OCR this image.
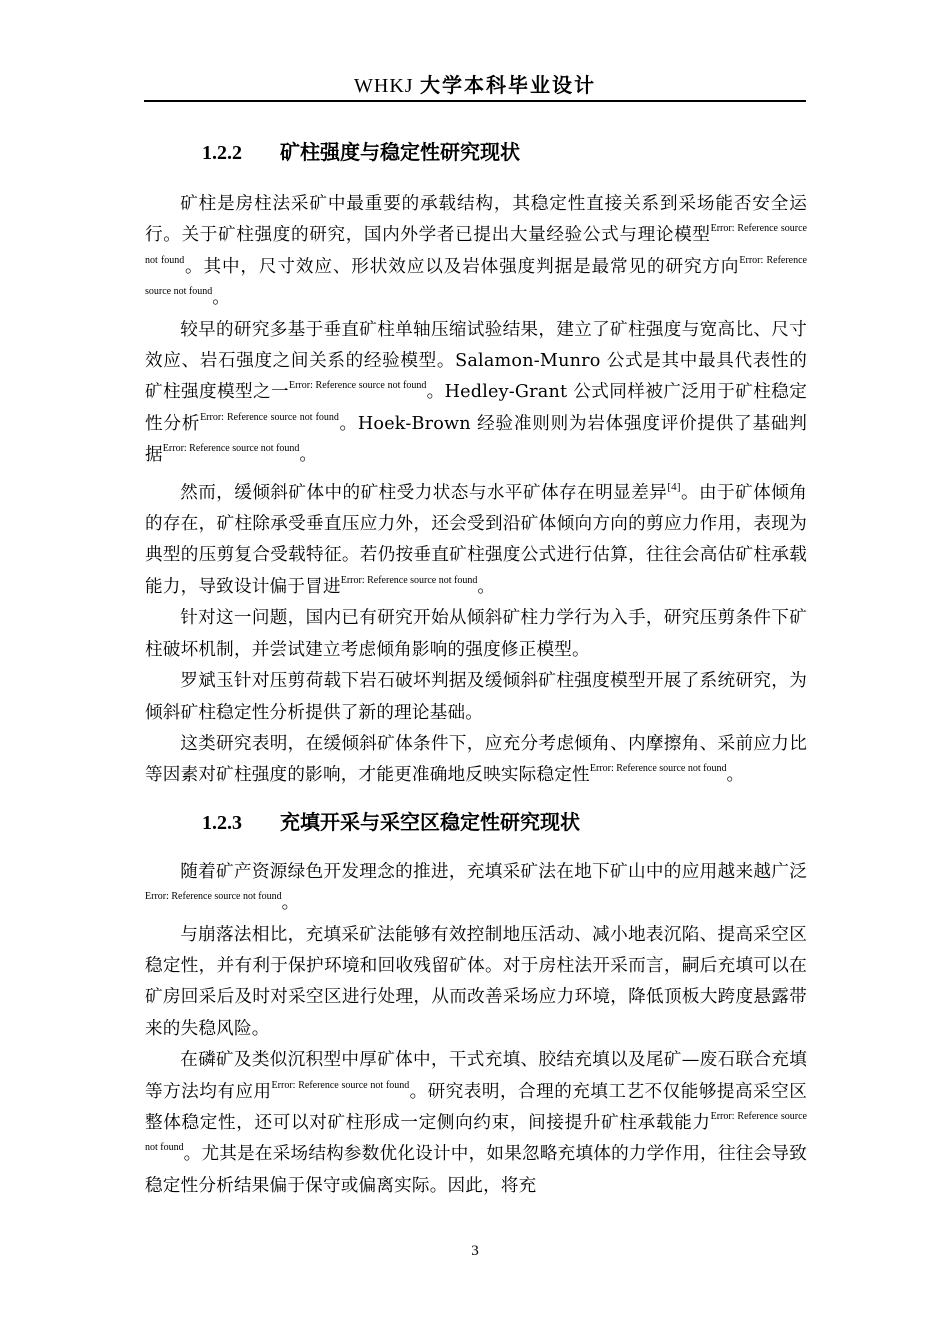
WHKJ 大学本科毕业设计
1.2.2 矿柱强度与稳定性研究现状

矿柱是房柱法采矿中最重要的承载结构，其稳定性直接关系到采场能否安全运行。关于矿柱强度的研究，国内外学者已提出大量经验公式与理论模型$^{Error: Reference source not found}$。其中，尺寸效应、形状效应以及岩体强度判据是最常见的研究方向$^{Error: Reference source not found}$。

较早的研究多基于垂直矿柱单轴压缩试验结果，建立了矿柱强度与宽高比、尺寸效应、岩石强度之间关系的经验模型。Salamon-Munro 公式是其中最具代表性的矿柱强度模型之一$^{Error: Reference source not found}$。Hedley-Grant 公式同样被广泛用于矿柱稳定性分析$^{Error: Reference source not found}$。Hoek-Brown 经验准则则为岩体强度评价提供了基础判据$^{Error: Reference source not found}$。

然而，缓倾斜矿体中的矿柱受力状态与水平矿体存在明显差异[4]。由于矿体倾角的存在，矿柱除承受垂直压应力外，还会受到沿矿体倾向方向的剪应力作用，表现为典型的压剪复合受载特征。若仍按垂直矿柱强度公式进行估算，往往会高估矿柱承载能力，导致设计偏于冒进$^{Error: Reference source not found}$。

针对这一问题，国内已有研究开始从倾斜矿柱力学行为入手，研究压剪条件下矿柱破坏机制，并尝试建立考虑倾角影响的强度修正模型。

罗斌玉针对压剪荷载下岩石破坏判据及缓倾斜矿柱强度模型开展了系统研究，为倾斜矿柱稳定性分析提供了新的理论基础。

这类研究表明，在缓倾斜矿体条件下，应充分考虑倾角、内摩擦角、采前应力比等因素对矿柱强度的影响，才能更准确地反映实际稳定性$^{Error: Reference source not found}$。

1.2.3 充填开采与采空区稳定性研究现状

随着矿产资源绿色开发理念的推进，充填采矿法在地下矿山中的应用越来越广泛$^{Error: Reference source not found}$。

与崩落法相比，充填采矿法能够有效控制地压活动、减小地表沉陷、提高采空区稳定性，并有利于保护环境和回收残留矿体。对于房柱法开采而言，嗣后充填可以在矿房回采后及时对采空区进行处理，从而改善采场应力环境，降低顶板大跨度悬露带来的失稳风险。

在磷矿及类似沉积型中厚矿体中，干式充填、胶结充填以及尾矿—废石联合充填等方法均有应用$^{Error: Reference source not found}$。研究表明，合理的充填工艺不仅能够提高采空区整体稳定性，还可以对矿柱形成一定侧向约束，间接提升矿柱承载能力$^{Error: Reference source not found}$。尤其是在采场结构参数优化设计中，如果忽略充填体的力学作用，往往会导致稳定性分析结果偏于保守或偏离实际。因此，将充

3
